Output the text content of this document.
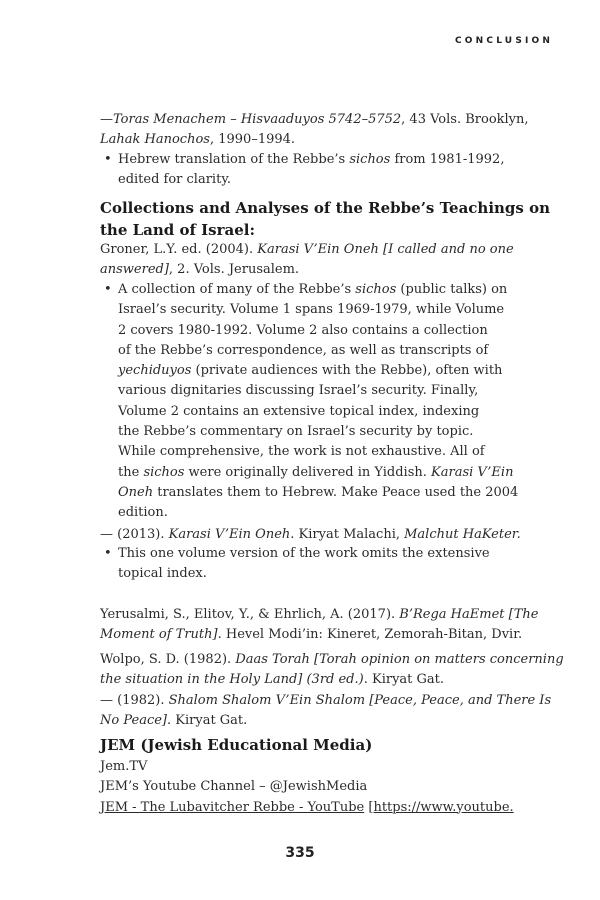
CONCLUSION
—Toras Menachem – Hisvaaduyos 5742–5752, 43 Vols. Brooklyn,
Lahak Hanochos, 1990–1994.
• Hebrew translation of the Rebbe’s sichos from 1981-1992,
edited for clarity.
Collections and Analyses of the Rebbe’s Teachings on
the Land of Israel:
Groner, L.Y. ed. (2004). Karasi V’Ein Oneh [I called and no one
answered], 2. Vols. Jerusalem.
• A collection of many of the Rebbe’s sichos (public talks) on
Israel’s security. Volume 1 spans 1969-1979, while Volume
2 covers 1980-1992. Volume 2 also contains a collection
of the Rebbe’s correspondence, as well as transcripts of
yechiduyos (private audiences with the Rebbe), often with
various dignitaries discussing Israel’s security. Finally,
Volume 2 contains an extensive topical index, indexing
the Rebbe’s commentary on Israel’s security by topic.
While comprehensive, the work is not exhaustive. All of
the sichos were originally delivered in Yiddish. Karasi V’Ein
Oneh translates them to Hebrew. Make Peace used the 2004
edition.
— (2013). Karasi V’Ein Oneh. Kiryat Malachi, Malchut HaKeter.
• This one volume version of the work omits the extensive
topical index.
Yerusalmi, S., Elitov, Y., & Ehrlich, A. (2017). B’Rega HaEmet [The
Moment of Truth]. Hevel Modi’in: Kineret, Zemorah-Bitan, Dvir.
Wolpo, S. D. (1982). Daas Torah [Torah opinion on matters concerning
the situation in the Holy Land] (3rd ed.). Kiryat Gat.
— (1982). Shalom Shalom V’Ein Shalom [Peace, Peace, and There Is
No Peace]. Kiryat Gat.
JEM (Jewish Educational Media)
Jem.TV
JEM’s Youtube Channel – @JewishMedia
JEM - The Lubavitcher Rebbe - YouTube [https://www.youtube.
335
